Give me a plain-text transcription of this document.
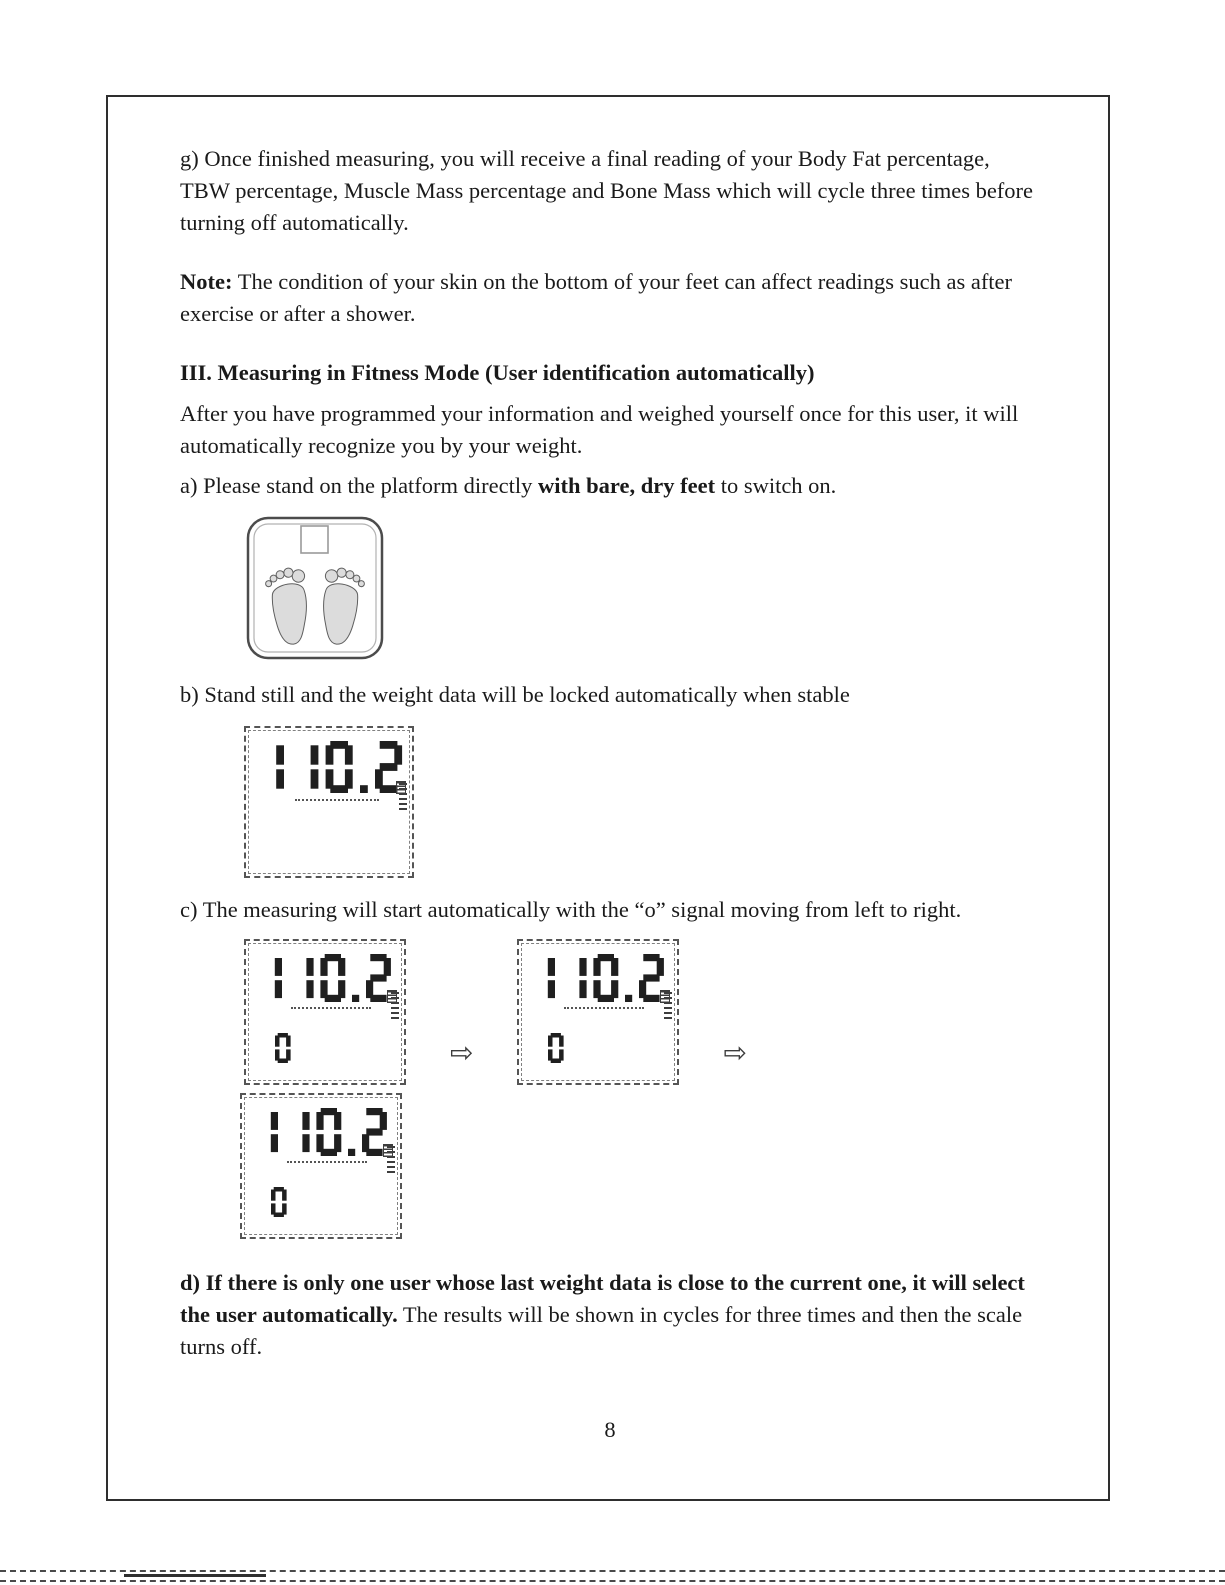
g) Once finished measuring, you will receive a final reading of your Body Fat percentage, TBW percentage, Muscle Mass percentage and Bone Mass which will cycle three times before turning off automatically.

Note: The condition of your skin on the bottom of your feet can affect readings such as after exercise or after a shower.

III. Measuring in Fitness Mode (User identification automatically)

After you have programmed your information and weighed yourself once for this user, it will automatically recognize you by your weight.

a) Please stand on the platform directly with bare, dry feet to switch on.

b) Stand still and the weight data will be locked automatically when stable

c) The measuring will start automatically with the “o” signal moving from left to right.

⇨	⇨

d) If there is only one user whose last weight data is close to the current one, it will select the user automatically. The results will be shown in cycles for three times and then the scale turns off.

8
